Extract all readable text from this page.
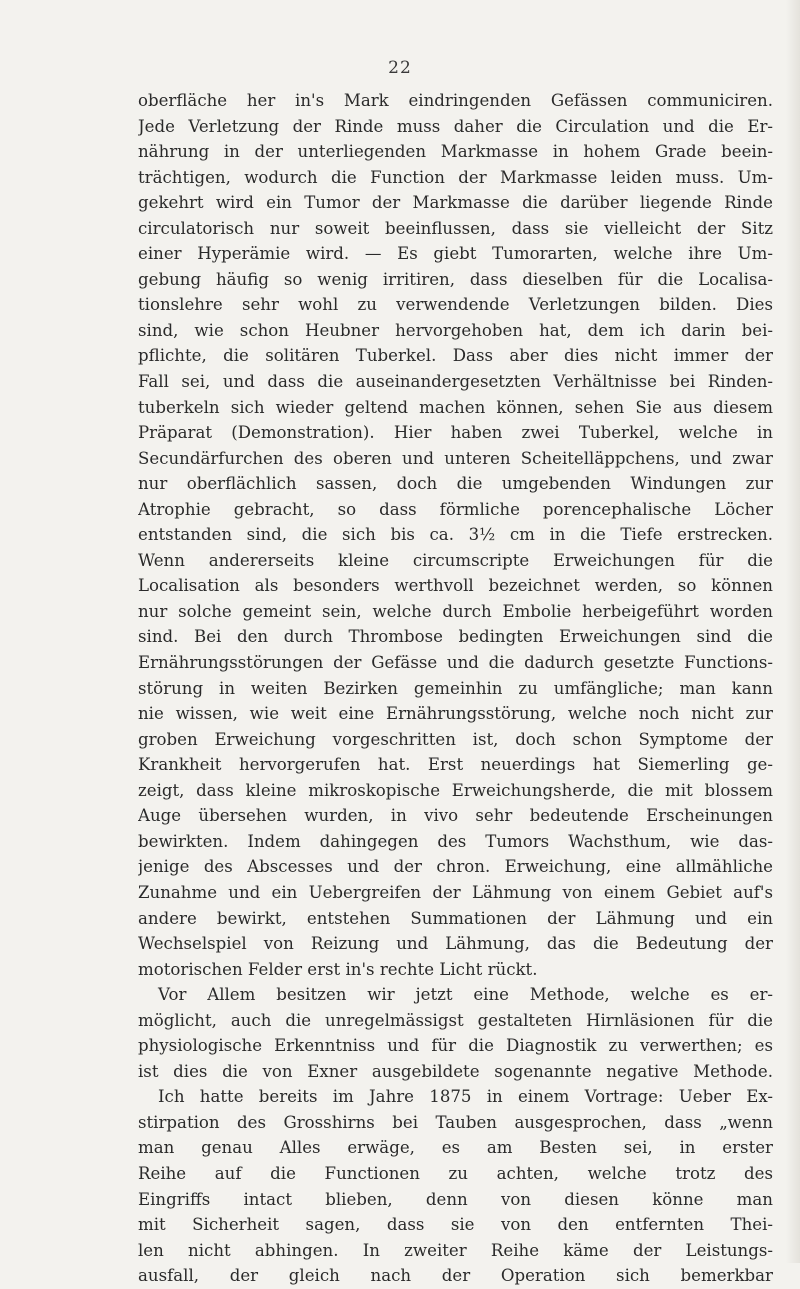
22
oberfläche her in's Mark eindringenden Gefässen communiciren.
Jede Verletzung der Rinde muss daher die Circulation und die Er-
nährung in der unterliegenden Markmasse in hohem Grade beein-
trächtigen, wodurch die Function der Markmasse leiden muss. Um-
gekehrt wird ein Tumor der Markmasse die darüber liegende Rinde
circulatorisch nur soweit beeinflussen, dass sie vielleicht der Sitz
einer Hyperämie wird. — Es giebt Tumorarten, welche ihre Um-
gebung häufig so wenig irritiren, dass dieselben für die Localisa-
tionslehre sehr wohl zu verwendende Verletzungen bilden. Dies
sind, wie schon Heubner hervorgehoben hat, dem ich darin bei-
pflichte, die solitären Tuberkel. Dass aber dies nicht immer der
Fall sei, und dass die auseinandergesetzten Verhältnisse bei Rinden-
tuberkeln sich wieder geltend machen können, sehen Sie aus diesem
Präparat (Demonstration). Hier haben zwei Tuberkel, welche in
Secundärfurchen des oberen und unteren Scheitelläppchens, und zwar
nur oberflächlich sassen, doch die umgebenden Windungen zur
Atrophie gebracht, so dass förmliche porencephalische Löcher
entstanden sind, die sich bis ca. 3½ cm in die Tiefe erstrecken.
Wenn andererseits kleine circumscripte Erweichungen für die
Localisation als besonders werthvoll bezeichnet werden, so können
nur solche gemeint sein, welche durch Embolie herbeigeführt worden
sind. Bei den durch Thrombose bedingten Erweichungen sind die
Ernährungsstörungen der Gefässe und die dadurch gesetzte Functions-
störung in weiten Bezirken gemeinhin zu umfängliche; man kann
nie wissen, wie weit eine Ernährungsstörung, welche noch nicht zur
groben Erweichung vorgeschritten ist, doch schon Symptome der
Krankheit hervorgerufen hat. Erst neuerdings hat Siemerling ge-
zeigt, dass kleine mikroskopische Erweichungsherde, die mit blossem
Auge übersehen wurden, in vivo sehr bedeutende Erscheinungen
bewirkten. Indem dahingegen des Tumors Wachsthum, wie das-
jenige des Abscesses und der chron. Erweichung, eine allmähliche
Zunahme und ein Uebergreifen der Lähmung von einem Gebiet auf's
andere bewirkt, entstehen Summationen der Lähmung und ein
Wechselspiel von Reizung und Lähmung, das die Bedeutung der
motorischen Felder erst in's rechte Licht rückt.
Vor Allem besitzen wir jetzt eine Methode, welche es er-
möglicht, auch die unregelmässigst gestalteten Hirnläsionen für die
physiologische Erkenntniss und für die Diagnostik zu verwerthen; es
ist dies die von Exner ausgebildete sogenannte negative Methode.
Ich hatte bereits im Jahre 1875 in einem Vortrage: Ueber Ex-
stirpation des Grosshirns bei Tauben ausgesprochen, dass „wenn
man genau Alles erwäge, es am Besten sei, in erster
Reihe auf die Functionen zu achten, welche trotz des
Eingriffs intact blieben, denn von diesen könne man
mit Sicherheit sagen, dass sie von den entfernten Thei-
len nicht abhingen. In zweiter Reihe käme der Leistungs-
ausfall, der gleich nach der Operation sich bemerkbar
